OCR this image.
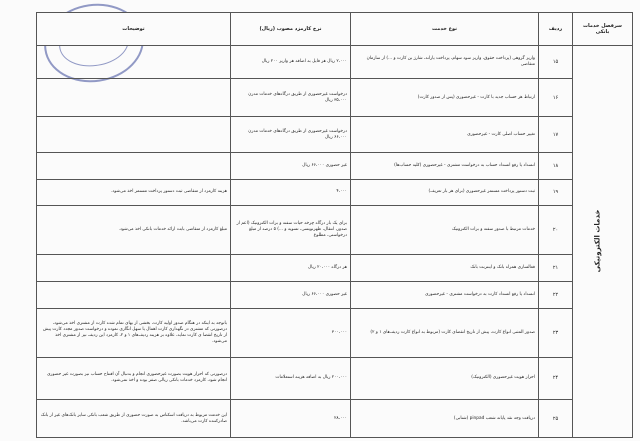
سرفصل خدمات بانکی	ردیف	نوع خدمت	نرخ کارمزد مصوب (ریال)	توضیحات
خدمات الکترونیکی	۱۵	واریز گروهی (پرداخت حقوق، واریز سود سهام، پرداخت یارانه، شارژ بن کارت و ...) از سازمان متقاضی	۲،۰۰۰ ریال هر فایل به اضافه هر واریز ۲۰۰ ریال	
	۱۶	ارتباط هر حساب جدید با کارت - غیرحضوری (پس از صدور کارت)	درخواست غیرحضوری از طریق درگاه‌های خدمات مدرن ۳۵،۰۰۰ ریال	
	۱۷	تغییر حساب اصلی کارت - غیرحضوری	درخواست غیرحضوری از طریق درگاه‌های خدمات مدرن ۶۶،۰۰۰ ریال	
	۱۸	انسداد یا رفع انسداد حساب به درخواست مشتری - غیرحضوری (کلیه حساب‌ها)	غیر حضوری ۶۶،۰۰۰ ریال	
	۱۹	ثبت دستور پرداخت مستمر غیرحضوری (برای هر بار تعریف)	۴،۰۰۰	هزینه کارمزد از متقاضی ثبت دستور پرداخت مستمر اخذ می‌شود.
	۲۰	خدمات مرتبط با صدور سفته و برات الکترونیک	برای یک بار درگاه چرخه حیات سفته و برات الکترونیک (اعم از صدور، انتقال، ظهرنویسی، تسویه و ...) ۵ درصد از مبلغ درخواستی، مطلوع	مبلغ کارمزد از متقاضی بابت ارائه خدمات بانکی اخذ می‌شود.
	۲۱	فعالسازی همراه بانک و اینترنت بانک	هر درگاه ۲۰،۰۰۰ ریال	
	۲۲	انسداد یا رفع انسداد کارت به درخواست مشتری - غیرحضوری	غیر حضوری ۶۶،۰۰۰ ریال	
	۲۳	صدور المثنی انواع کارت، پیش از تاریخ انقضای کارت (مربوط به انواع کارت ردیف‌های ۱ و ۲)	۳۰۰،۰۰۰	باتوجه به اینکه در هنگام صدور اولیه کارت، بخشی از بهای تمام شده کارت از مشتری اخذ می‌شود، درصورتی که مشتری در نگهداری کارت اهمال یا سهل انگاری نموده و درخواست صدور مجدد کارت پیش از تاریخ انقضا ی کارت نماید، علاوه بر هزینه ردیف‌های ۱ و ۲، کارمزد این ردیف نیز از مشتری اخذ می‌شود.
	۲۴	احراز هویت غیرحضوری (الکترونیک)	۲۰۰،۰۰۰ ریال به اضافه هزینه استعلامات	درصورتی که احراز هویت بصورت غیرحضوری انجام و بدنبال آن افتتاح حساب نیز بصورت غیر حضوری انجام شود، کارمزد خدمات بانکی ریالی صفر بوده و اخذ نمی‌شود.
	۲۵	دریافت وجه نقد پایانه شعب pinpad (شتابی)	۲۸،۰۰۰	این خدمت مربوط به دریافت اسکناس به صورت حضوری از طریق شعب بانکی سایر بانک‌های غیر از بانک صادرکننده کارت می‌باشد.
